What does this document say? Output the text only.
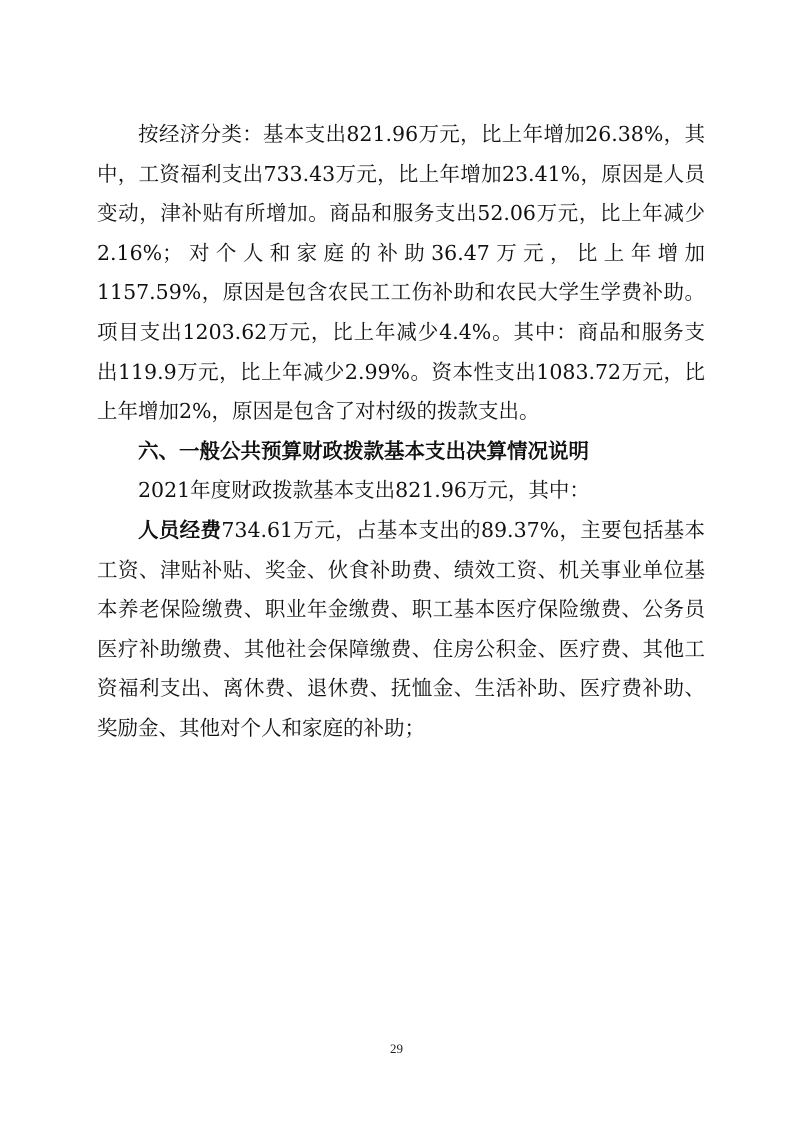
按经济分类：基本支出821.96万元，比上年增加26.38%，其中，工资福利支出733.43万元，比上年增加23.41%，原因是人员变动，津补贴有所增加。商品和服务支出52.06万元，比上年减少2.16%；对个人和家庭的补助36.47万元，比上年增加1157.59%，原因是包含农民工工伤补助和农民大学生学费补助。项目支出1203.62万元，比上年减少4.4%。其中：商品和服务支出119.9万元，比上年减少2.99%。资本性支出1083.72万元，比上年增加2%，原因是包含了对村级的拨款支出。

六、一般公共预算财政拨款基本支出决算情况说明

2021年度财政拨款基本支出821.96万元，其中：

人员经费734.61万元，占基本支出的89.37%，主要包括基本工资、津贴补贴、奖金、伙食补助费、绩效工资、机关事业单位基本养老保险缴费、职业年金缴费、职工基本医疗保险缴费、公务员医疗补助缴费、其他社会保障缴费、住房公积金、医疗费、其他工资福利支出、离休费、退休费、抚恤金、生活补助、医疗费补助、奖励金、其他对个人和家庭的补助；

29
